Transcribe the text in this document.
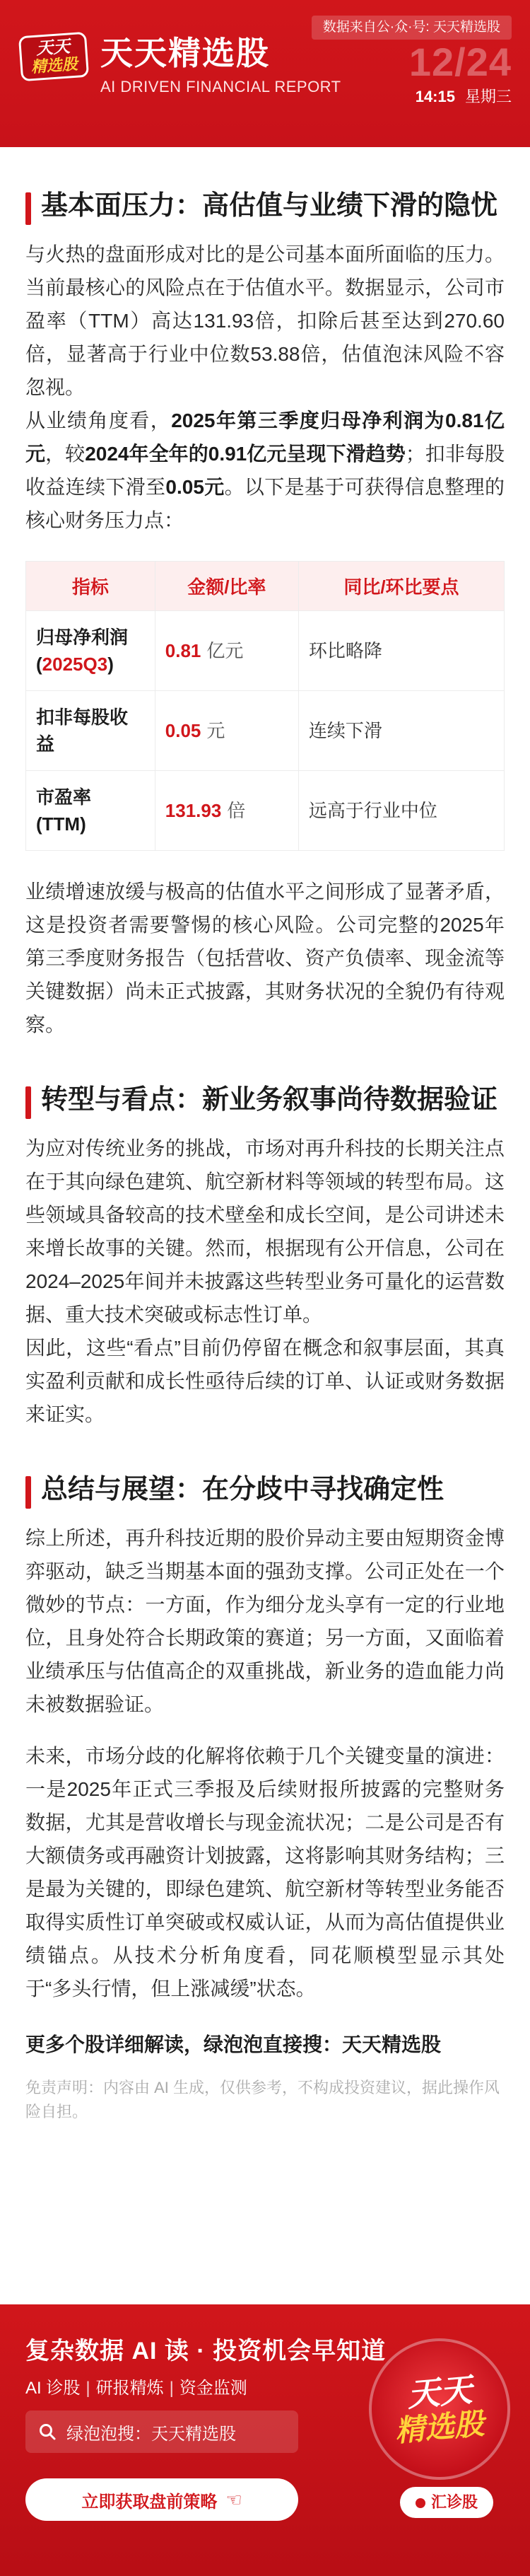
天天
精选股 天天精选股
AI DRIVEN FINANCIAL REPORT
数据来自公·众·号: 天天精选股
12/24
14:15 星期三
基本面压力：高估值与业绩下滑的隐忧

与火热的盘面形成对比的是公司基本面所面临的压力。当前最核心的风险点在于估值水平。数据显示，公司市盈率（TTM）高达131.93倍，扣除后甚至达到270.60倍，显著高于行业中位数53.88倍，估值泡沫风险不容忽视。

从业绩角度看，2025年第三季度归母净利润为0.81亿元，较2024年全年的0.91亿元呈现下滑趋势；扣非每股收益连续下滑至0.05元。以下是基于可获得信息整理的核心财务压力点：

指标	金额/比率	同比/环比要点
归母净利润 (2025Q3)	0.81 亿元	环比略降
扣非每股收益	0.05 元	连续下滑
市盈率 (TTM)	131.93 倍	远高于行业中位

业绩增速放缓与极高的估值水平之间形成了显著矛盾，这是投资者需要警惕的核心风险。公司完整的2025年第三季度财务报告（包括营收、资产负债率、现金流等关键数据）尚未正式披露，其财务状况的全貌仍有待观察。

转型与看点：新业务叙事尚待数据验证

为应对传统业务的挑战，市场对再升科技的长期关注点在于其向绿色建筑、航空新材料等领域的转型布局。这些领域具备较高的技术壁垒和成长空间，是公司讲述未来增长故事的关键。然而，根据现有公开信息，公司在2024–2025年间并未披露这些转型业务可量化的运营数据、重大技术突破或标志性订单。

因此，这些“看点”目前仍停留在概念和叙事层面，其真实盈利贡献和成长性亟待后续的订单、认证或财务数据来证实。

总结与展望：在分歧中寻找确定性

综上所述，再升科技近期的股价异动主要由短期资金博弈驱动，缺乏当期基本面的强劲支撑。公司正处在一个微妙的节点：一方面，作为细分龙头享有一定的行业地位，且身处符合长期政策的赛道；另一方面，又面临着业绩承压与估值高企的双重挑战，新业务的造血能力尚未被数据验证。

未来，市场分歧的化解将依赖于几个关键变量的演进：一是2025年正式三季报及后续财报所披露的完整财务数据，尤其是营收增长与现金流状况；二是公司是否有大额债务或再融资计划披露，这将影响其财务结构；三是最为关键的，即绿色建筑、航空新材等转型业务能否取得实质性订单突破或权威认证，从而为高估值提供业绩锚点。从技术分析角度看，同花顺模型显示其处于“多头行情，但上涨减缓”状态。

更多个股详细解读，绿泡泡直接搜：天天精选股

免责声明：内容由 AI 生成，仅供参考，不构成投资建议，据此操作风险自担。

复杂数据 AI 读 · 投资机会早知道
AI 诊股 | 研报精炼 | 资金监测
绿泡泡搜：天天精选股
立即获取盘前策略 ☜
天天
精选股
汇诊股
